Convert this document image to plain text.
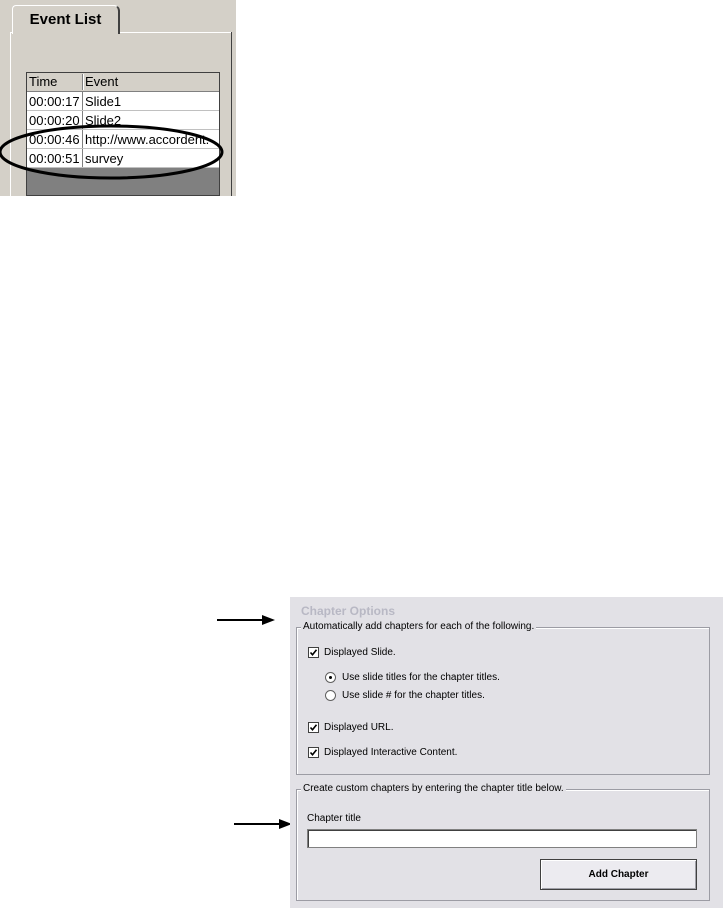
Event List
Time	Event
00:00:17 Slide1
00:00:20 Slide2
00:00:46 http://www.accordent.
00:00:51 survey
Chapter Options
Automatically add chapters for each of the following.
Displayed Slide.
Use slide titles for the chapter titles.
Use slide # for the chapter titles.
Displayed URL.
Displayed Interactive Content.
Create custom chapters by entering the chapter title below.
Chapter title
Add Chapter
